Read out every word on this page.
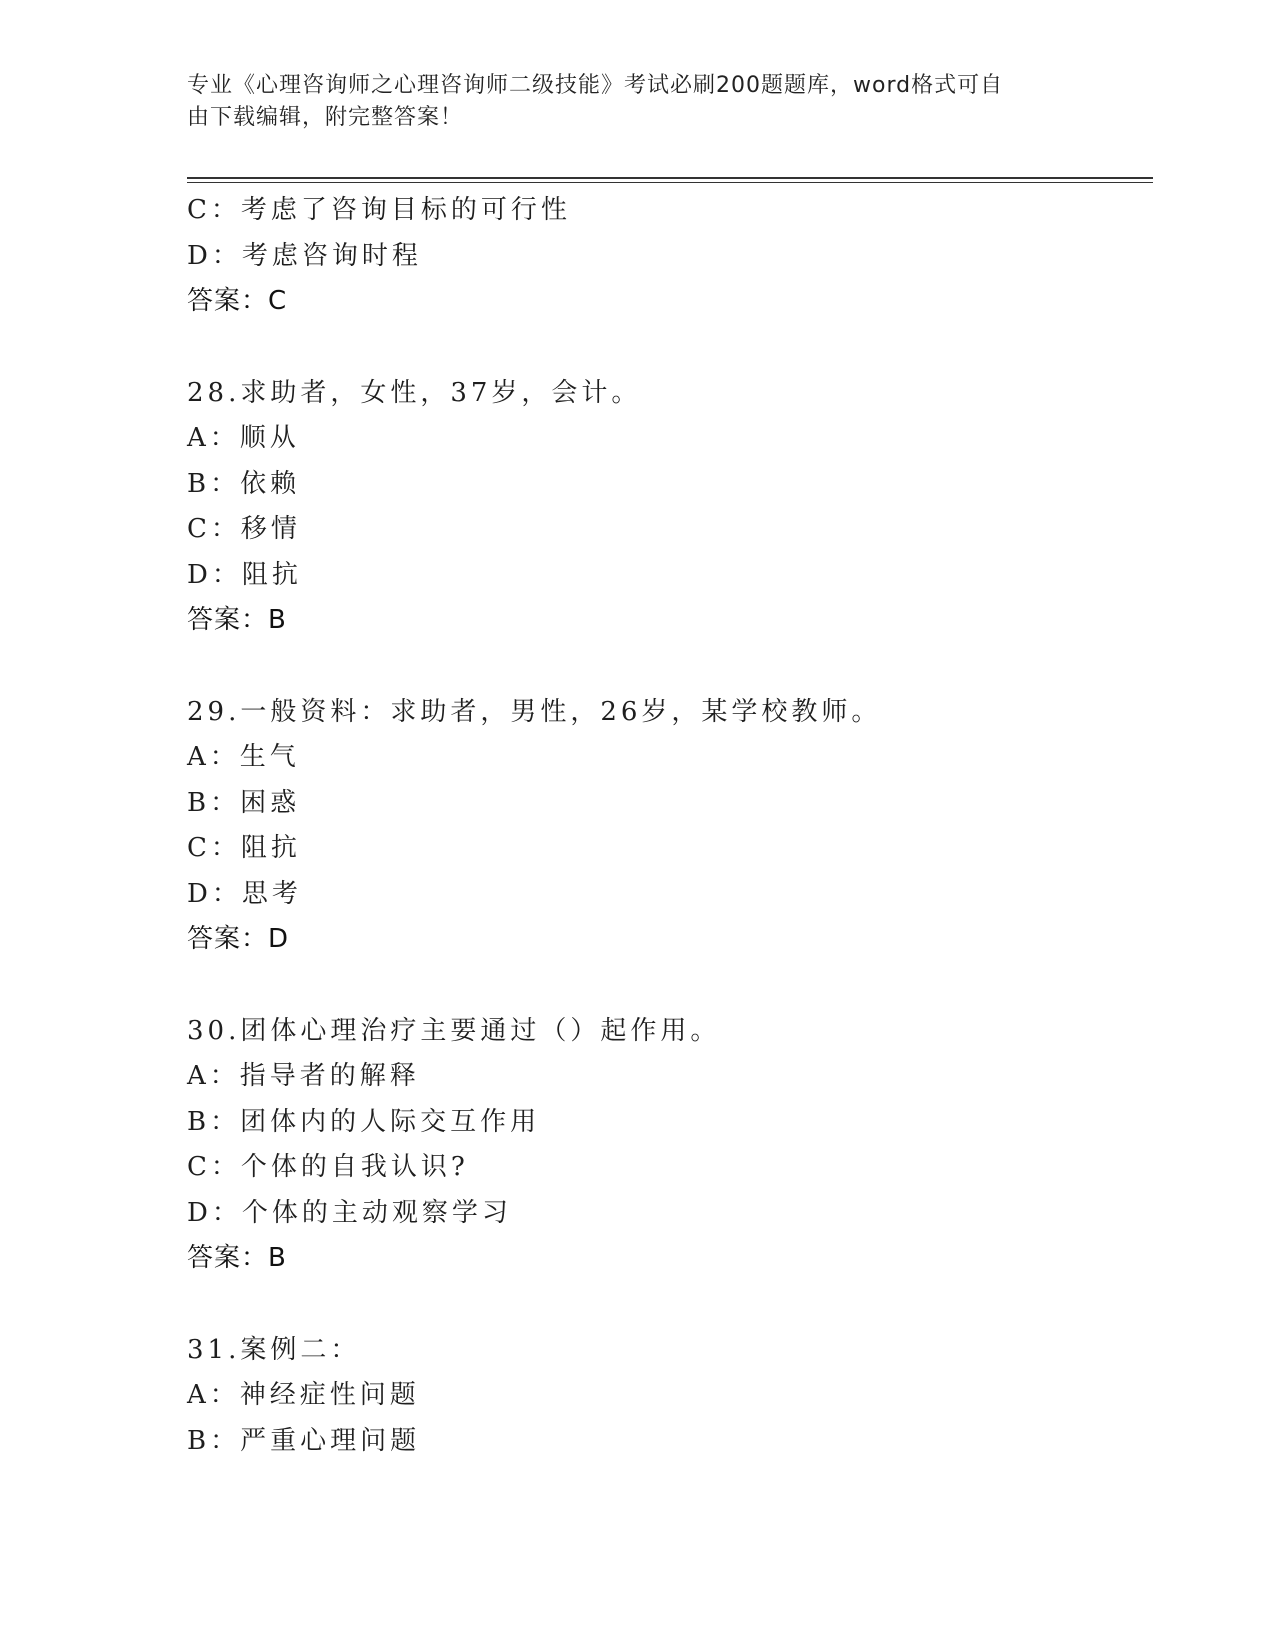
专业《心理咨询师之心理咨询师二级技能》考试必刷200题题库，word格式可自
由下载编辑，附完整答案！
C：考虑了咨询目标的可行性
D：考虑咨询时程
答案：C
28.求助者，女性，37岁，会计。
A：顺从
B：依赖
C：移情
D：阻抗
答案：B
29.一般资料：求助者，男性，26岁，某学校教师。
A：生气
B：困惑
C：阻抗
D：思考
答案：D
30.团体心理治疗主要通过（）起作用。
A：指导者的解释
B：团体内的人际交互作用
C：个体的自我认识?
D：个体的主动观察学习
答案：B
31.案例二：
A：神经症性问题
B：严重心理问题
